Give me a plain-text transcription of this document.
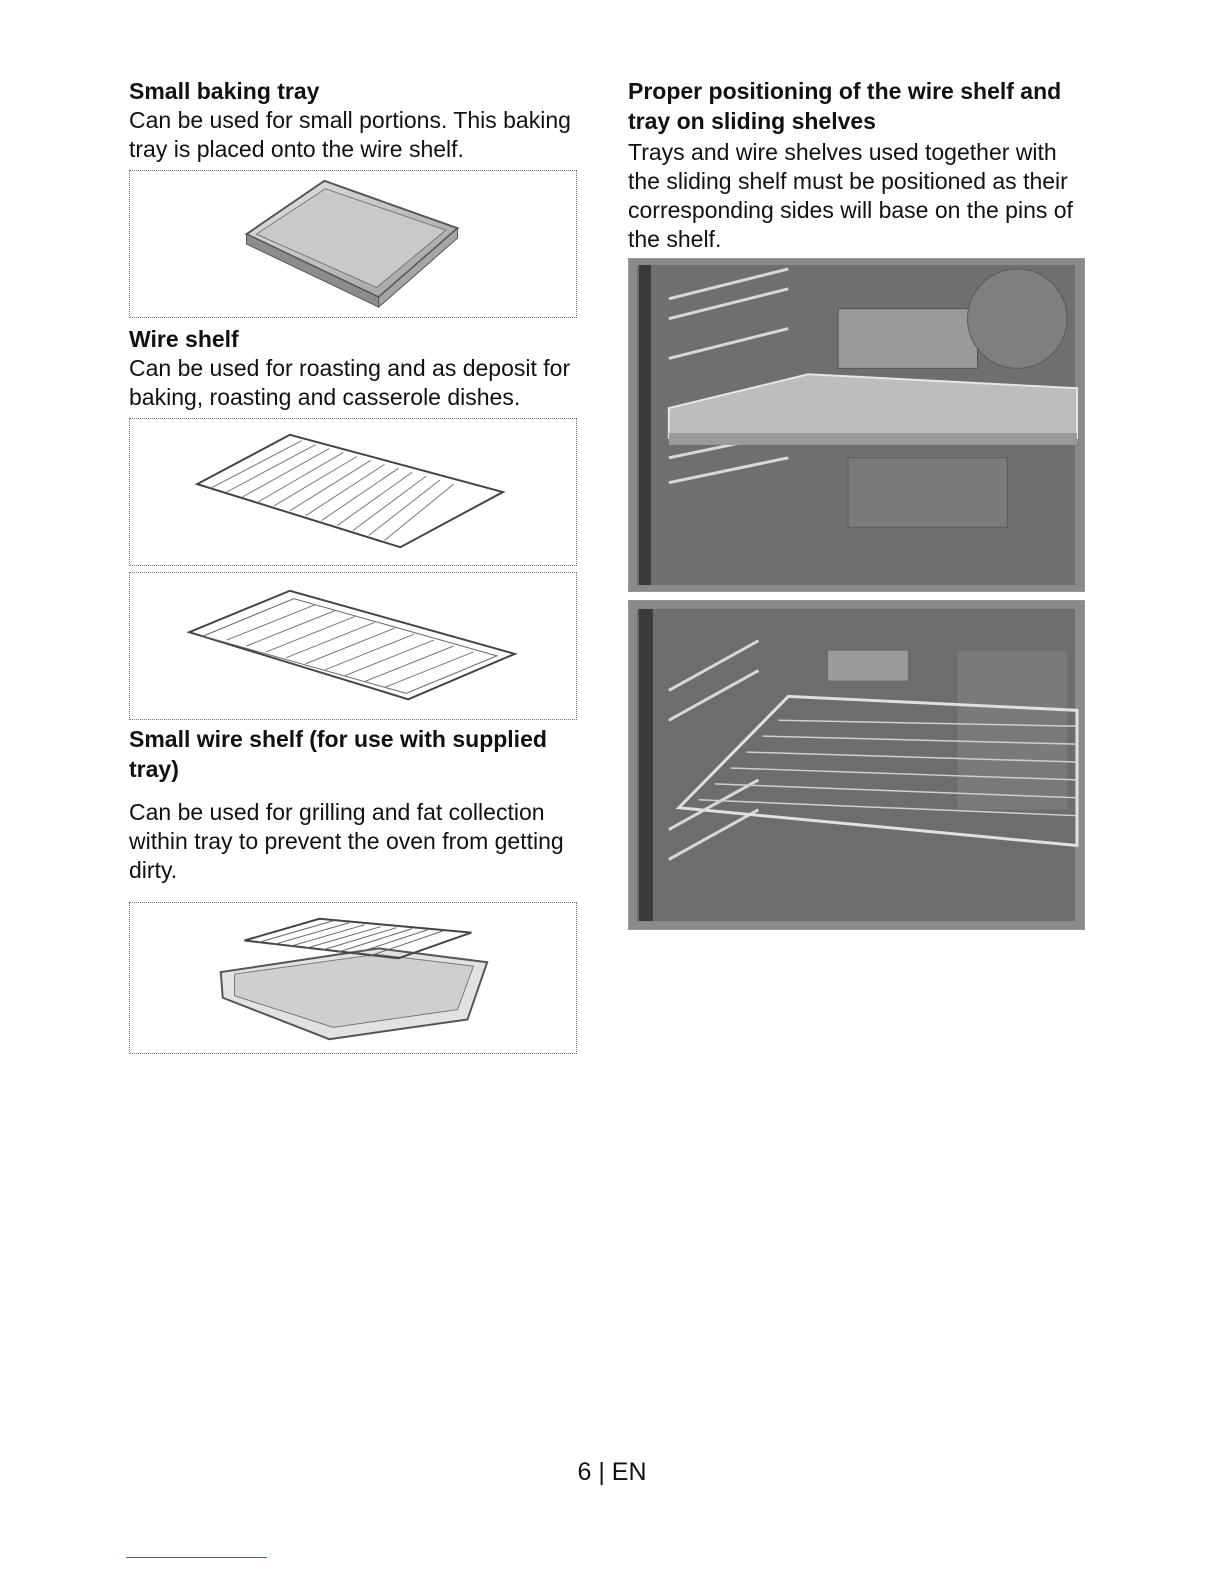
Small baking tray

Can be used for small portions. This baking tray is placed onto the wire shelf.

Wire shelf

Can be used for roasting and as deposit for baking, roasting and casserole dishes.

Small wire shelf (for use with supplied tray)

Can be used for grilling and fat collection within tray to prevent the oven from getting dirty.

Proper positioning of the wire shelf and tray on sliding shelves

Trays and wire shelves used together with the sliding shelf must be positioned as their corresponding sides will base on the pins of the shelf.

6 | EN
